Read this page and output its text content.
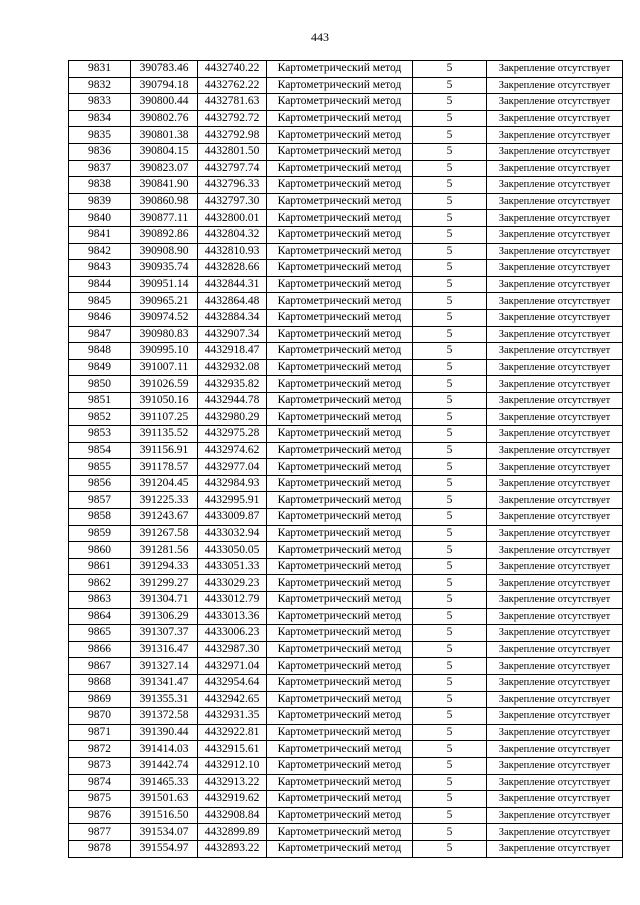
443
9831	390783.46	4432740.22	Картометрический метод	5	Закрепление отсутствует
9832	390794.18	4432762.22	Картометрический метод	5	Закрепление отсутствует
9833	390800.44	4432781.63	Картометрический метод	5	Закрепление отсутствует
9834	390802.76	4432792.72	Картометрический метод	5	Закрепление отсутствует
9835	390801.38	4432792.98	Картометрический метод	5	Закрепление отсутствует
9836	390804.15	4432801.50	Картометрический метод	5	Закрепление отсутствует
9837	390823.07	4432797.74	Картометрический метод	5	Закрепление отсутствует
9838	390841.90	4432796.33	Картометрический метод	5	Закрепление отсутствует
9839	390860.98	4432797.30	Картометрический метод	5	Закрепление отсутствует
9840	390877.11	4432800.01	Картометрический метод	5	Закрепление отсутствует
9841	390892.86	4432804.32	Картометрический метод	5	Закрепление отсутствует
9842	390908.90	4432810.93	Картометрический метод	5	Закрепление отсутствует
9843	390935.74	4432828.66	Картометрический метод	5	Закрепление отсутствует
9844	390951.14	4432844.31	Картометрический метод	5	Закрепление отсутствует
9845	390965.21	4432864.48	Картометрический метод	5	Закрепление отсутствует
9846	390974.52	4432884.34	Картометрический метод	5	Закрепление отсутствует
9847	390980.83	4432907.34	Картометрический метод	5	Закрепление отсутствует
9848	390995.10	4432918.47	Картометрический метод	5	Закрепление отсутствует
9849	391007.11	4432932.08	Картометрический метод	5	Закрепление отсутствует
9850	391026.59	4432935.82	Картометрический метод	5	Закрепление отсутствует
9851	391050.16	4432944.78	Картометрический метод	5	Закрепление отсутствует
9852	391107.25	4432980.29	Картометрический метод	5	Закрепление отсутствует
9853	391135.52	4432975.28	Картометрический метод	5	Закрепление отсутствует
9854	391156.91	4432974.62	Картометрический метод	5	Закрепление отсутствует
9855	391178.57	4432977.04	Картометрический метод	5	Закрепление отсутствует
9856	391204.45	4432984.93	Картометрический метод	5	Закрепление отсутствует
9857	391225.33	4432995.91	Картометрический метод	5	Закрепление отсутствует
9858	391243.67	4433009.87	Картометрический метод	5	Закрепление отсутствует
9859	391267.58	4433032.94	Картометрический метод	5	Закрепление отсутствует
9860	391281.56	4433050.05	Картометрический метод	5	Закрепление отсутствует
9861	391294.33	4433051.33	Картометрический метод	5	Закрепление отсутствует
9862	391299.27	4433029.23	Картометрический метод	5	Закрепление отсутствует
9863	391304.71	4433012.79	Картометрический метод	5	Закрепление отсутствует
9864	391306.29	4433013.36	Картометрический метод	5	Закрепление отсутствует
9865	391307.37	4433006.23	Картометрический метод	5	Закрепление отсутствует
9866	391316.47	4432987.30	Картометрический метод	5	Закрепление отсутствует
9867	391327.14	4432971.04	Картометрический метод	5	Закрепление отсутствует
9868	391341.47	4432954.64	Картометрический метод	5	Закрепление отсутствует
9869	391355.31	4432942.65	Картометрический метод	5	Закрепление отсутствует
9870	391372.58	4432931.35	Картометрический метод	5	Закрепление отсутствует
9871	391390.44	4432922.81	Картометрический метод	5	Закрепление отсутствует
9872	391414.03	4432915.61	Картометрический метод	5	Закрепление отсутствует
9873	391442.74	4432912.10	Картометрический метод	5	Закрепление отсутствует
9874	391465.33	4432913.22	Картометрический метод	5	Закрепление отсутствует
9875	391501.63	4432919.62	Картометрический метод	5	Закрепление отсутствует
9876	391516.50	4432908.84	Картометрический метод	5	Закрепление отсутствует
9877	391534.07	4432899.89	Картометрический метод	5	Закрепление отсутствует
9878	391554.97	4432893.22	Картометрический метод	5	Закрепление отсутствует
